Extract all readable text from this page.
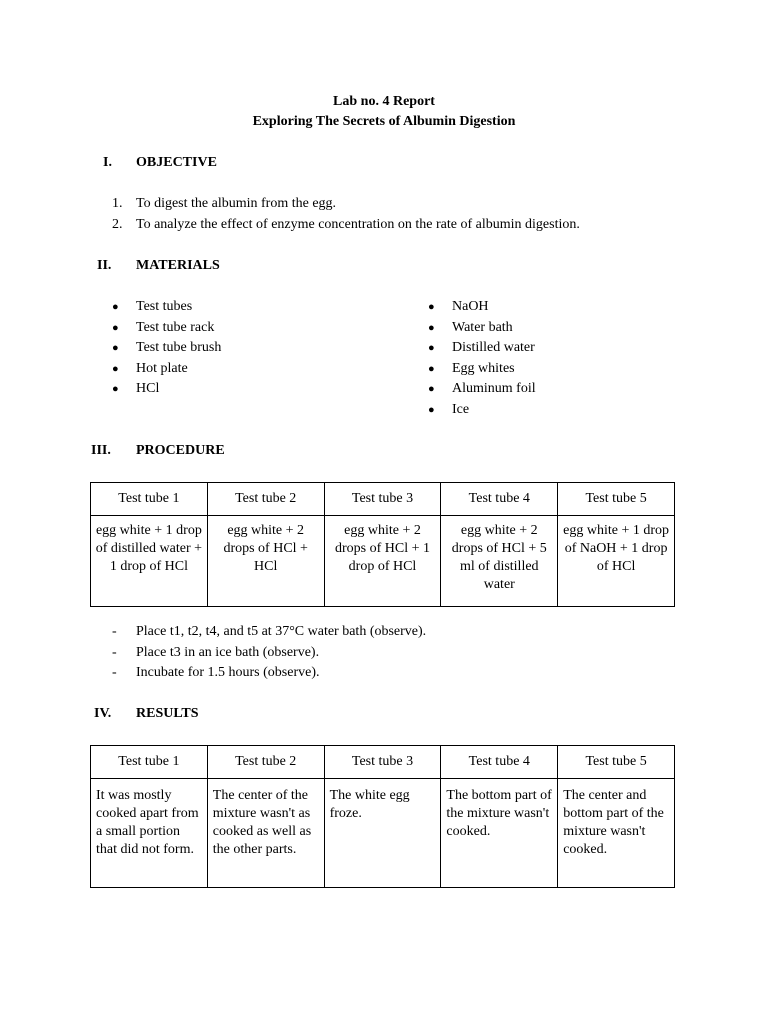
Lab no. 4 Report
Exploring The Secrets of Albumin Digestion
I. OBJECTIVE
1. To digest the albumin from the egg.
2. To analyze the effect of enzyme concentration on the rate of albumin digestion.
II. MATERIALS
● Test tubes
● Test tube rack
● Test tube brush
● Hot plate
● HCl
● NaOH
● Water bath
● Distilled water
● Egg whites
● Aluminum foil
● Ice
III. PROCEDURE
Test tube 1	Test tube 2	Test tube 3	Test tube 4	Test tube 5
egg white + 1 drop of distilled water + 1 drop of HCl	egg white + 2 drops of HCl + HCl	egg white + 2 drops of HCl + 1 drop of HCl	egg white + 2 drops of HCl + 5 ml of distilled water	egg white + 1 drop of NaOH + 1 drop of HCl
- Place t1, t2, t4, and t5 at 37°C water bath (observe).
- Place t3 in an ice bath (observe).
- Incubate for 1.5 hours (observe).
IV. RESULTS
Test tube 1	Test tube 2	Test tube 3	Test tube 4	Test tube 5
It was mostly cooked apart from a small portion that did not form.	The center of the mixture wasn't as cooked as well as the other parts.	The white egg froze.	The bottom part of the mixture wasn't cooked.	The center and bottom part of the mixture wasn't cooked.
